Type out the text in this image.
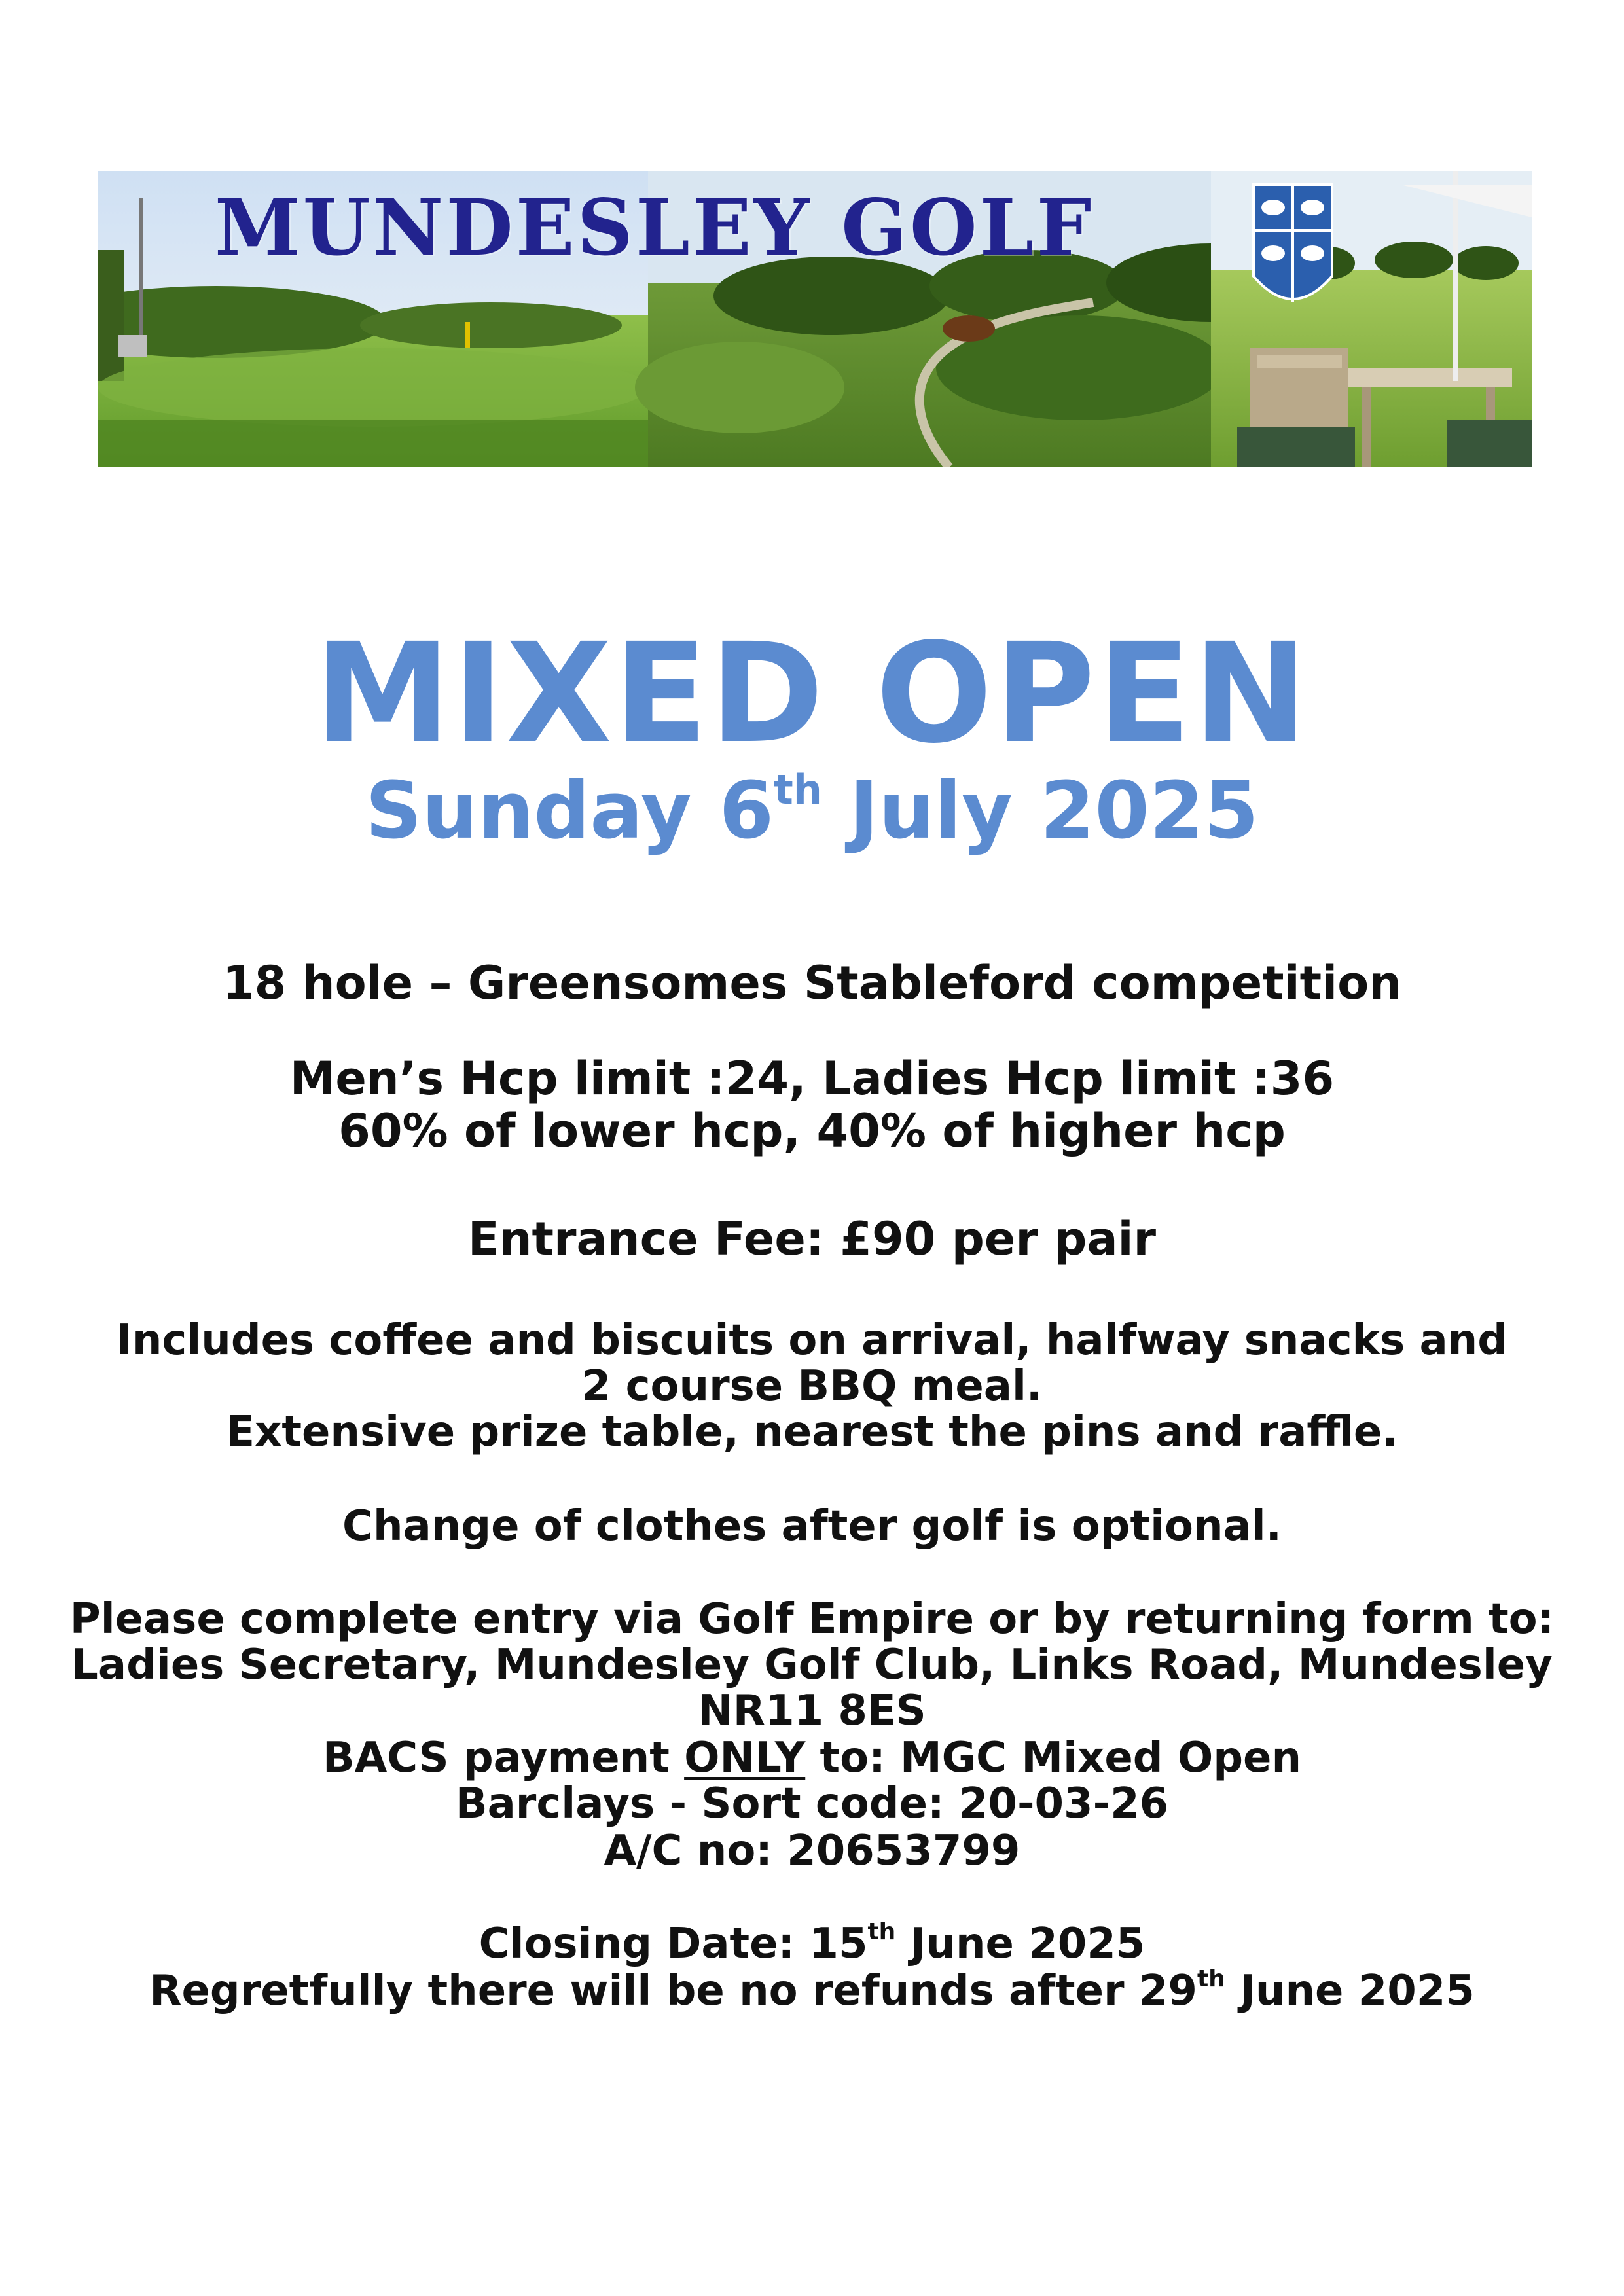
MUNDESLEY GOLF
MIXED OPEN
Sunday 6th July 2025

18 hole – Greensomes Stableford competition

Men’s Hcp limit :24, Ladies Hcp limit :36

60% of lower hcp, 40% of higher hcp

Entrance Fee: £90 per pair

Includes coffee and biscuits on arrival, halfway snacks and

2 course BBQ meal.

Extensive prize table, nearest the pins and raffle.

Change of clothes after golf is optional.

Please complete entry via Golf Empire or by returning form to:

Ladies Secretary, Mundesley Golf Club, Links Road, Mundesley

NR11 8ES

BACS payment ONLY to: MGC Mixed Open

Barclays - Sort code: 20-03-26

A/C no: 20653799

Closing Date: 15th June 2025

Regretfully there will be no refunds after 29th June 2025
